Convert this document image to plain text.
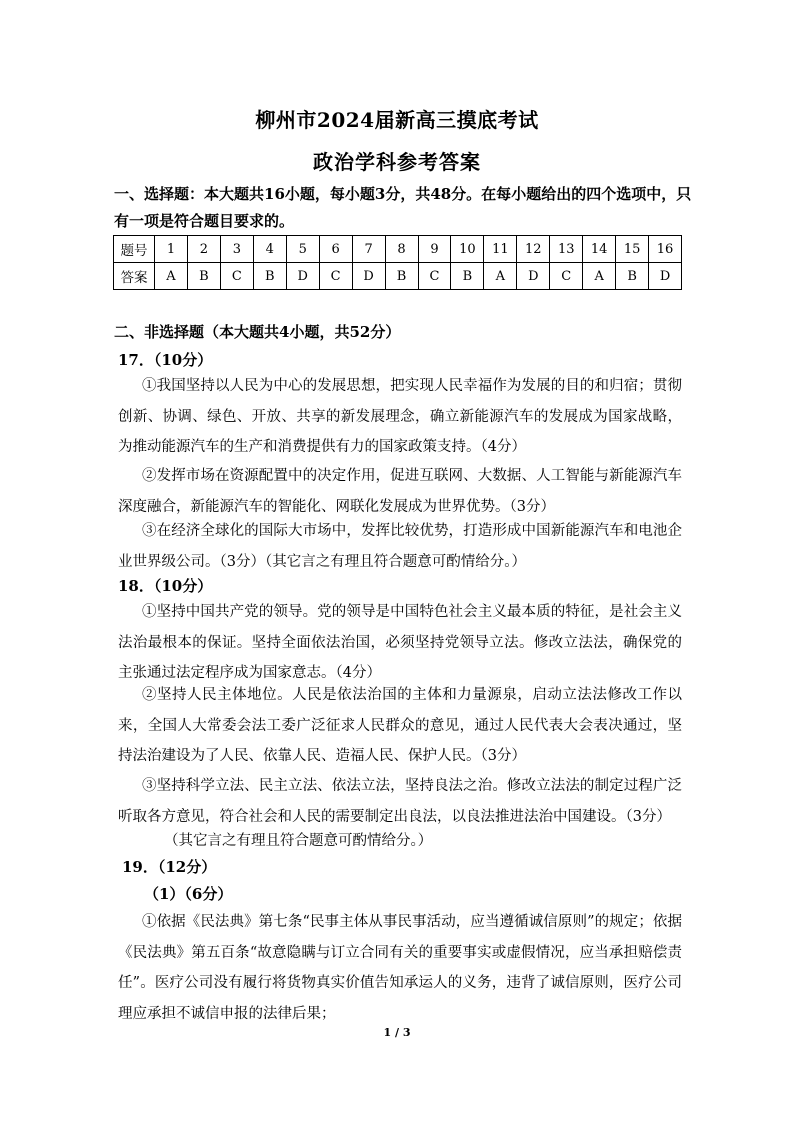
柳州市2024届新高三摸底考试
政治学科参考答案
一、选择题：本大题共16小题，每小题3分，共48分。在每小题给出的四个选项中，只有一项是符合题目要求的。
题号	1	2	3	4	5	6	7	8	9	10	11	12	13	14	15	16
答案	A	B	C	B	D	C	D	B	C	B	A	D	C	A	B	D
二、非选择题（本大题共4小题，共52分）
17．（10分）
①我国坚持以人民为中心的发展思想，把实现人民幸福作为发展的目的和归宿；贯彻创新、协调、绿色、开放、共享的新发展理念，确立新能源汽车的发展成为国家战略，为推动能源汽车的生产和消费提供有力的国家政策支持。（4分）
②发挥市场在资源配置中的决定作用，促进互联网、大数据、人工智能与新能源汽车深度融合，新能源汽车的智能化、网联化发展成为世界优势。（3分）
③在经济全球化的国际大市场中，发挥比较优势，打造形成中国新能源汽车和电池企业世界级公司。（3分）（其它言之有理且符合题意可酌情给分。）
18．（10分）
①坚持中国共产党的领导。党的领导是中国特色社会主义最本质的特征，是社会主义法治最根本的保证。坚持全面依法治国，必须坚持党领导立法。修改立法法，确保党的主张通过法定程序成为国家意志。（4分）
②坚持人民主体地位。人民是依法治国的主体和力量源泉，启动立法法修改工作以来，全国人大常委会法工委广泛征求人民群众的意见，通过人民代表大会表决通过，坚持法治建设为了人民、依靠人民、造福人民、保护人民。（3分）
③坚持科学立法、民主立法、依法立法，坚持良法之治。修改立法法的制定过程广泛听取各方意见，符合社会和人民的需要制定出良法，以良法推进法治中国建设。（3分）
（其它言之有理且符合题意可酌情给分。）
19．（12分）
（1）（6分）
①依据《民法典》第七条“民事主体从事民事活动，应当遵循诚信原则”的规定；依据《民法典》第五百条“故意隐瞒与订立合同有关的重要事实或虚假情况，应当承担赔偿责任”。医疗公司没有履行将货物真实价值告知承运人的义务，违背了诚信原则，医疗公司理应承担不诚信申报的法律后果；
1 / 3
